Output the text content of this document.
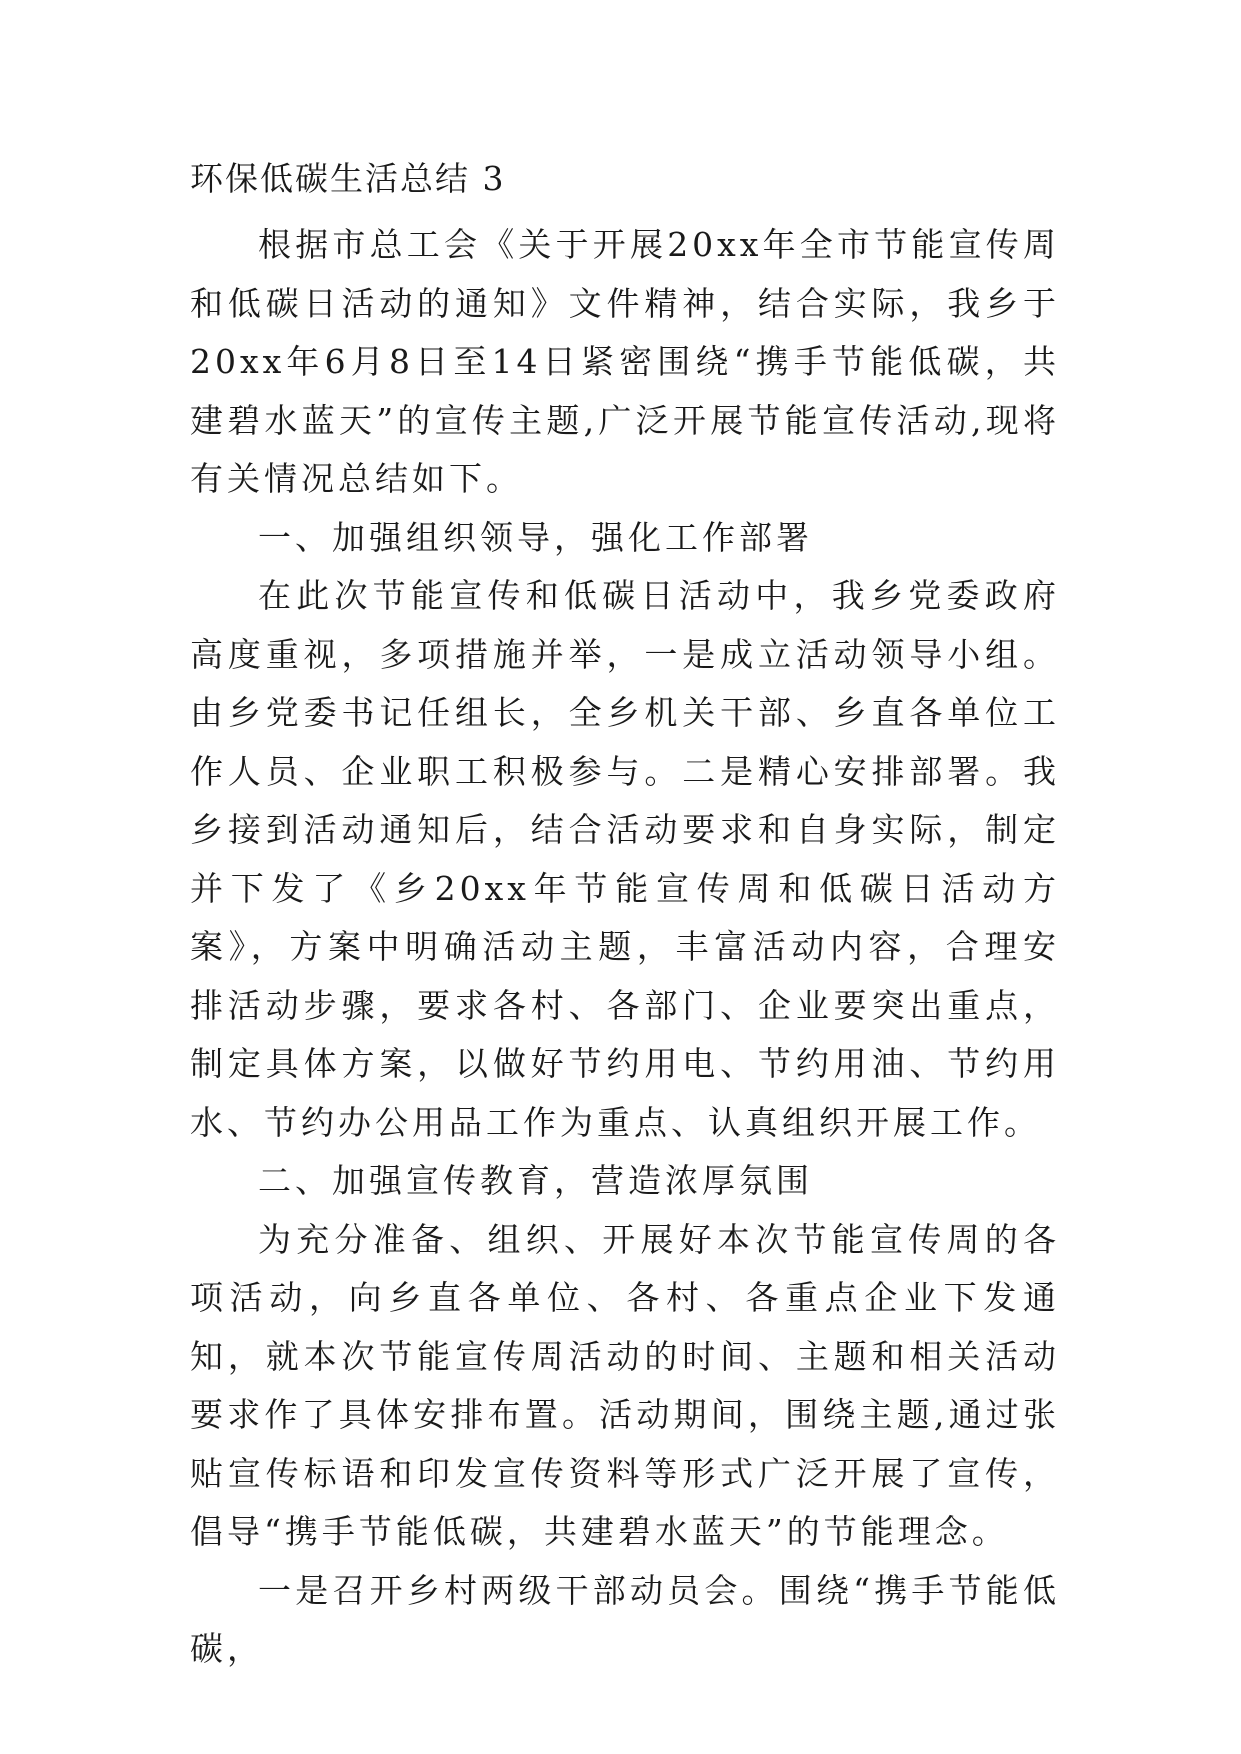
环保低碳生活总结 3

根据市总工会《关于开展20xx年全市节能宣传周和低碳日活动的通知》文件精神，结合实际，我乡于20xx年6月8日至14日紧密围绕“携手节能低碳，共建碧水蓝天”的宣传主题,广泛开展节能宣传活动,现将有关情况总结如下。

一、加强组织领导，强化工作部署

在此次节能宣传和低碳日活动中，我乡党委政府高度重视，多项措施并举，一是成立活动领导小组。由乡党委书记任组长，全乡机关干部、乡直各单位工作人员、企业职工积极参与。二是精心安排部署。我乡接到活动通知后，结合活动要求和自身实际，制定并下发了《乡20xx年节能宣传周和低碳日活动方案》，方案中明确活动主题，丰富活动内容，合理安排活动步骤，要求各村、各部门、企业要突出重点，制定具体方案，以做好节约用电、节约用油、节约用水、节约办公用品工作为重点、认真组织开展工作。

二、加强宣传教育，营造浓厚氛围

为充分准备、组织、开展好本次节能宣传周的各项活动，向乡直各单位、各村、各重点企业下发通知，就本次节能宣传周活动的时间、主题和相关活动要求作了具体安排布置。活动期间，围绕主题,通过张贴宣传标语和印发宣传资料等形式广泛开展了宣传，倡导“携手节能低碳，共建碧水蓝天”的节能理念。

一是召开乡村两级干部动员会。围绕“携手节能低碳，
